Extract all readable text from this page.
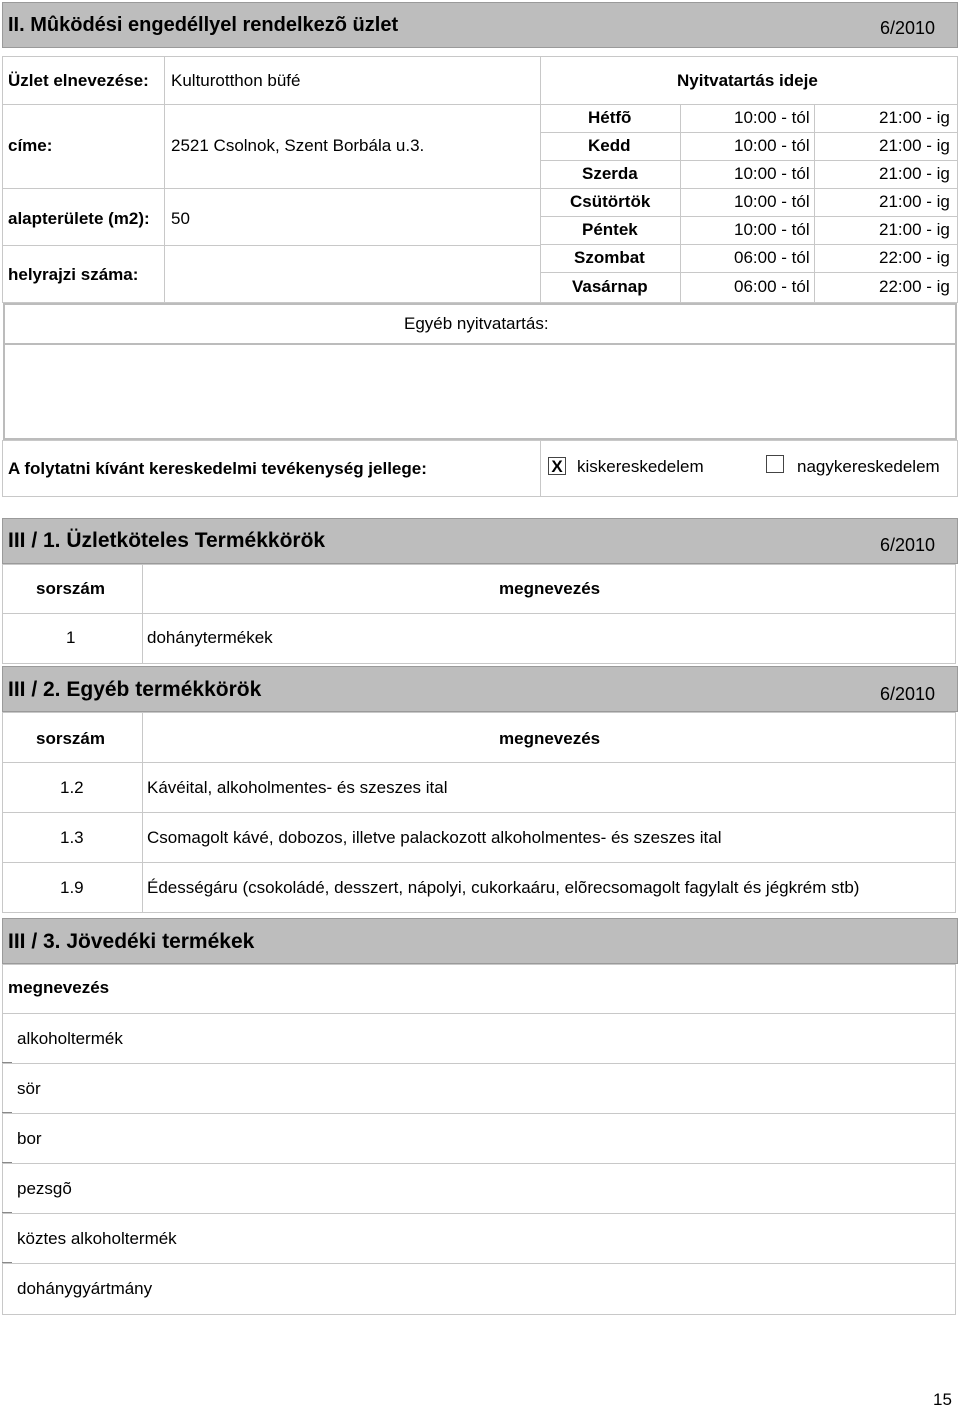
II. Mûködési engedéllyel rendelkezõ üzlet	6/2010
Üzlet elnevezése: Kulturotthon büfé
címe:	2521 Csolnok, Szent Borbála u.3.
alapterülete (m2): 50
helyrajzi száma:
Nyitvatartás ideje
Hétfõ	10:00 - tól	21:00 - ig
Kedd	10:00 - tól	21:00 - ig
Szerda	10:00 - tól	21:00 - ig
Csütörtök	10:00 - tól	21:00 - ig
Péntek	10:00 - tól	21:00 - ig
Szombat	06:00 - tól	22:00 - ig
Vasárnap	06:00 - tól	22:00 - ig
Egyéb nyitvatartás:
A folytatni kívánt kereskedelmi tevékenység jellege:	X kiskereskedelem	nagykereskedelem
III / 1. Üzletköteles Termékkörök	6/2010
sorszám	megnevezés
1	dohánytermékek
III / 2. Egyéb termékkörök	6/2010
sorszám	megnevezés
1.2	Kávéital, alkoholmentes- és szeszes ital
1.3	Csomagolt kávé, dobozos, illetve palackozott alkoholmentes- és szeszes ital
1.9	Édességáru (csokoládé, desszert, nápolyi, cukorkaáru, elõrecsomagolt fagylalt és jégkrém stb)
III / 3. Jövedéki termékek
megnevezés
alkoholtermék
sör
bor
pezsgõ
köztes alkoholtermék
dohánygyártmány
15
